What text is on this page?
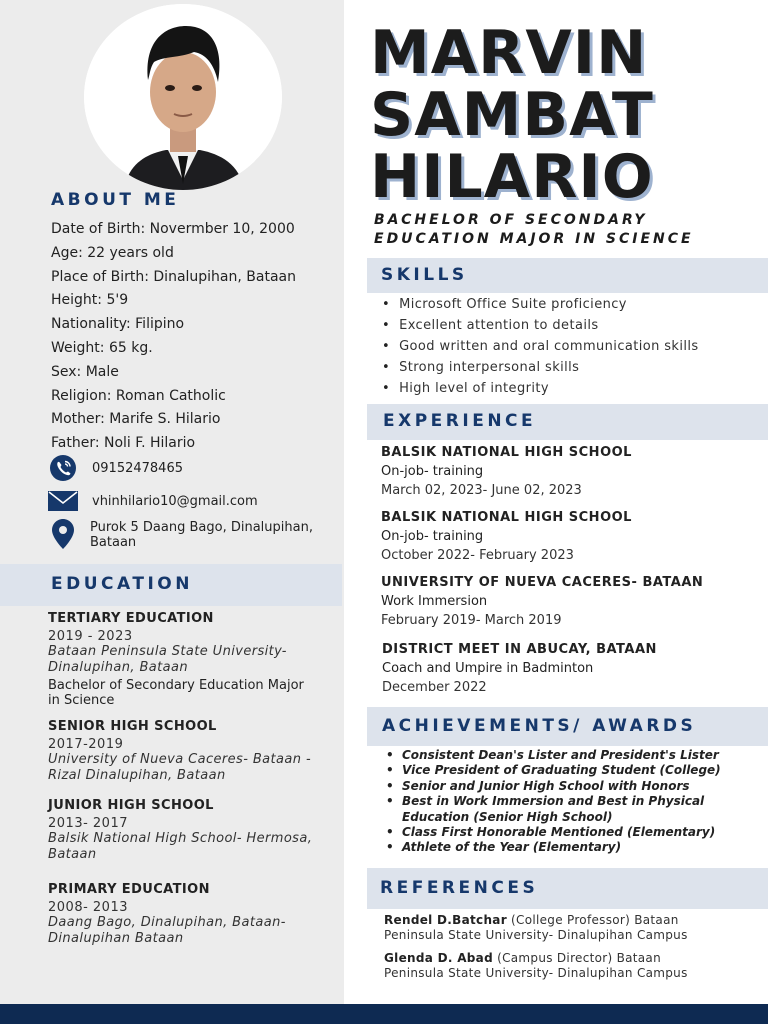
ABOUT ME
Date of Birth: Novermber 10, 2000
Age: 22 years old
Place of Birth: Dinalupihan, Bataan
Height: 5'9
Nationality: Filipino
Weight: 65 kg.
Sex: Male
Religion: Roman Catholic
Mother: Marife S. Hilario
Father: Noli F. Hilario
09152478465
vhinhilario10@gmail.com
Purok 5 Daang Bago, Dinalupihan,
Bataan
EDUCATION
TERTIARY EDUCATION
2019 - 2023
Bataan Peninsula State University-
Dinalupihan, Bataan
Bachelor of Secondary Education Major
in Science
SENIOR HIGH SCHOOL
2017-2019
University of Nueva Caceres- Bataan -
Rizal Dinalupihan, Bataan
JUNIOR HIGH SCHOOL
2013- 2017
Balsik National High School- Hermosa,
Bataan
PRIMARY EDUCATION
2008- 2013
Daang Bago, Dinalupihan, Bataan-
Dinalupihan Bataan
MARVIN
SAMBAT
HILARIO
BACHELOR OF SECONDARY
EDUCATION MAJOR IN SCIENCE
SKILLS
• Microsoft Office Suite proficiency
• Excellent attention to details
• Good written and oral communication skills
• Strong interpersonal skills
• High level of integrity
EXPERIENCE
BALSIK NATIONAL HIGH SCHOOL
On-job- training
March 02, 2023- June 02, 2023
BALSIK NATIONAL HIGH SCHOOL
On-job- training
October 2022- February 2023
UNIVERSITY OF NUEVA CACERES- BATAAN
Work Immersion
February 2019- March 2019
DISTRICT MEET IN ABUCAY, BATAAN
Coach and Umpire in Badminton
December 2022
ACHIEVEMENTS/ AWARDS
• Consistent Dean's Lister and President's Lister
• Vice President of Graduating Student (College)
• Senior and Junior High School with Honors
• Best in Work Immersion and Best in Physical
Education (Senior High School)
• Class First Honorable Mentioned (Elementary)
• Athlete of the Year (Elementary)
REFERENCES
Rendel D.Batchar (College Professor) Bataan
Peninsula State University- Dinalupihan Campus
Glenda D. Abad (Campus Director) Bataan
Peninsula State University- Dinalupihan Campus
